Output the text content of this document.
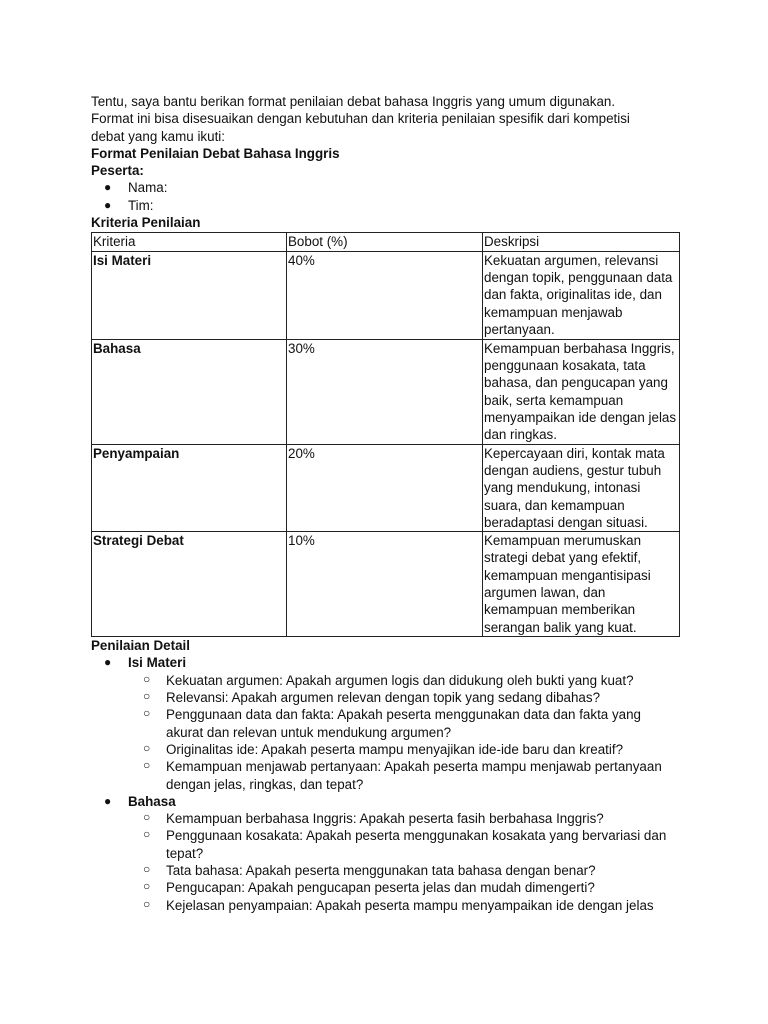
Tentu, saya bantu berikan format penilaian debat bahasa Inggris yang umum digunakan. Format ini bisa disesuaikan dengan kebutuhan dan kriteria penilaian spesifik dari kompetisi debat yang kamu ikuti:

Format Penilaian Debat Bahasa Inggris

Peserta:

● Nama:
● Tim:

Kriteria Penilaian

Kriteria	Bobot (%)	Deskripsi
Isi Materi	40%	Kekuatan argumen, relevansi dengan topik, penggunaan data dan fakta, originalitas ide, dan kemampuan menjawab pertanyaan.
Bahasa	30%	Kemampuan berbahasa Inggris, penggunaan kosakata, tata bahasa, dan pengucapan yang baik, serta kemampuan menyampaikan ide dengan jelas dan ringkas.
Penyampaian	20%	Kepercayaan diri, kontak mata dengan audiens, gestur tubuh yang mendukung, intonasi suara, dan kemampuan beradaptasi dengan situasi.
Strategi Debat	10%	Kemampuan merumuskan strategi debat yang efektif, kemampuan mengantisipasi argumen lawan, dan kemampuan memberikan serangan balik yang kuat.

Penilaian Detail

● Isi Materi
○ Kekuatan argumen: Apakah argumen logis dan didukung oleh bukti yang kuat?
○ Relevansi: Apakah argumen relevan dengan topik yang sedang dibahas?
○ Penggunaan data dan fakta: Apakah peserta menggunakan data dan fakta yang akurat dan relevan untuk mendukung argumen?
○ Originalitas ide: Apakah peserta mampu menyajikan ide-ide baru dan kreatif?
○ Kemampuan menjawab pertanyaan: Apakah peserta mampu menjawab pertanyaan dengan jelas, ringkas, dan tepat?
● Bahasa
○ Kemampuan berbahasa Inggris: Apakah peserta fasih berbahasa Inggris?
○ Penggunaan kosakata: Apakah peserta menggunakan kosakata yang bervariasi dan tepat?
○ Tata bahasa: Apakah peserta menggunakan tata bahasa dengan benar?
○ Pengucapan: Apakah pengucapan peserta jelas dan mudah dimengerti?
○ Kejelasan penyampaian: Apakah peserta mampu menyampaikan ide dengan jelas
